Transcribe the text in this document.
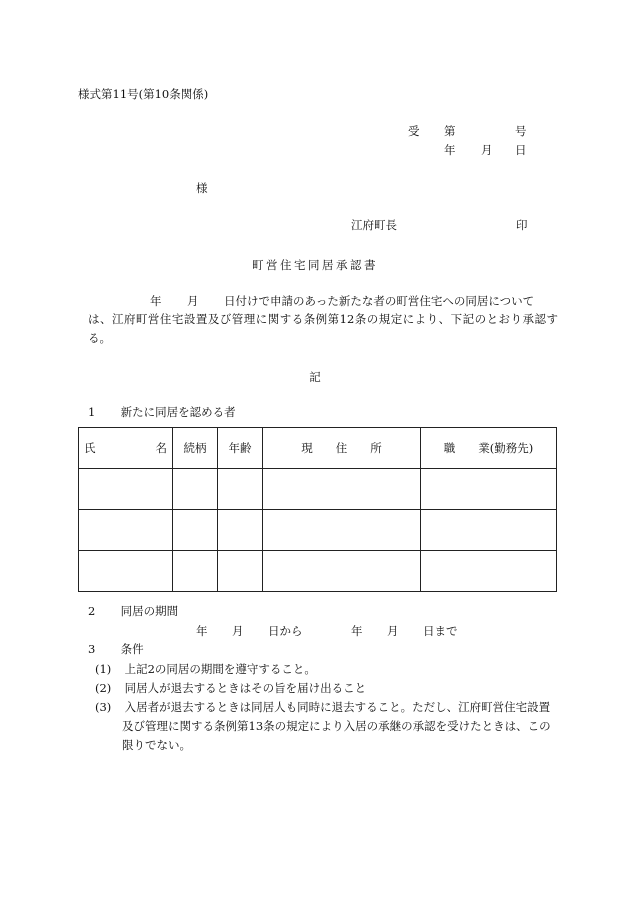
様式第11号(第10条関係)
受 第	号
年 月 日
様
江府町長	印
町営住宅同居承認書
年 月 日付けで申請のあった新たな者の町営住宅への同居について
は、江府町営住宅設置及び管理に関する条例第12条の規定により、下記のとおり承認する。
記
1 新たに同居を認める者
氏 名	続柄	年齢	現　　住　　所	職　　業(勤務先)

2 同居の期間
年 月 日から	年 月 日まで
3 条件
(1) 上記2の同居の期間を遵守すること。
(2) 同居人が退去するときはその旨を届け出ること
(3) 入居者が退去するときは同居人も同時に退去すること。ただし、江府町営住宅設置及び管理に関する条例第13条の規定により入居の承継の承認を受けたときは、この限りでない。
